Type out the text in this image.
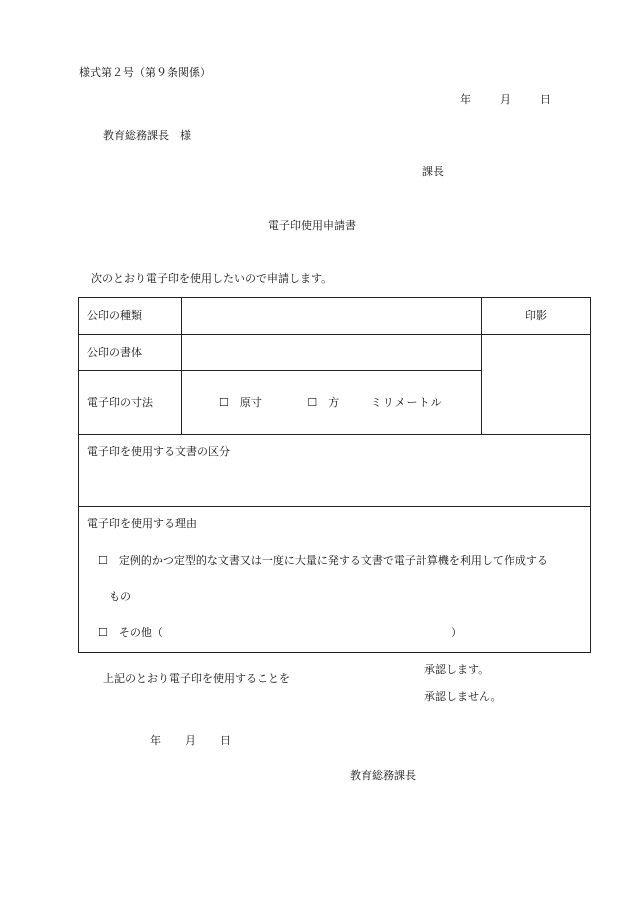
様式第２号（第９条関係）
年	月	日
教育総務課長　様
課長
電子印使用申請書
次のとおり電子印を使用したいので申請します。
公印の種類		印影
公印の書体		
電子印の寸法	☐　原寸 ☐　方 ミリメートル	
電子印を使用する文書の区分		

電子印を使用する理由
☐　定例的かつ定型的な文書又は一度に大量に発する文書で電子計算機を利用して作成する
もの
☐　その他（ ）		
上記のとおり電子印を使用することを
承認します。
承認しません。
年 月 日
教育総務課長
